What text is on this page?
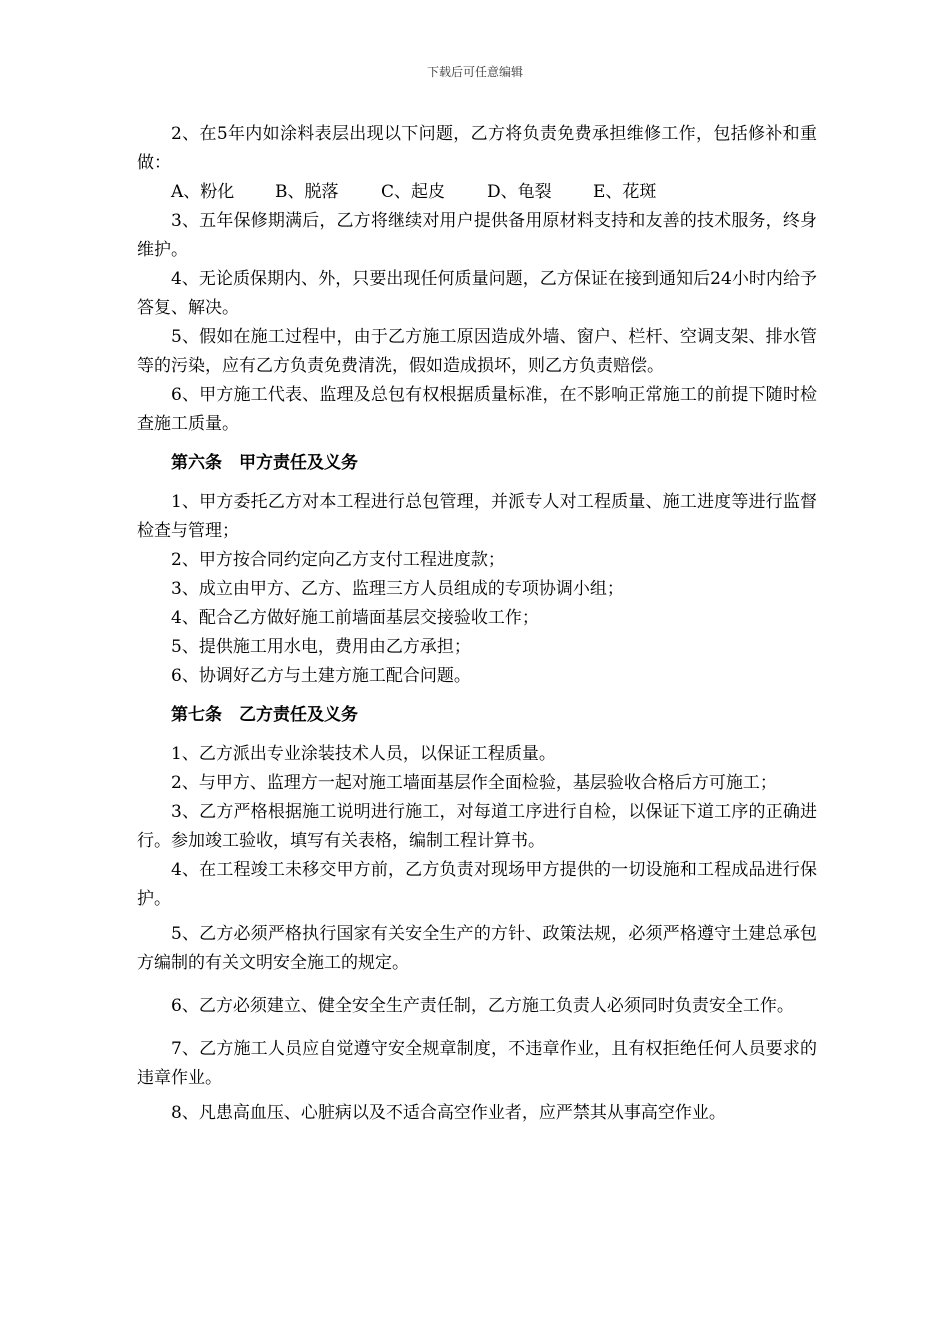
下载后可任意编辑

2、在5年内如涂料表层出现以下问题，乙方将负责免费承担维修工作，包括修补和重做：

A、粉化 B、脱落	C、起皮 D、龟裂 E、花斑

3、五年保修期满后，乙方将继续对用户提供备用原材料支持和友善的技术服务，终身维护。

4、无论质保期内、外，只要出现任何质量问题，乙方保证在接到通知后24小时内给予答复、解决。

5、假如在施工过程中，由于乙方施工原因造成外墙、窗户、栏杆、空调支架、排水管等的污染，应有乙方负责免费清洗，假如造成损坏，则乙方负责赔偿。

6、甲方施工代表、监理及总包有权根据质量标准，在不影响正常施工的前提下随时检查施工质量。

第六条　甲方责任及义务

1、甲方委托乙方对本工程进行总包管理，并派专人对工程质量、施工进度等进行监督检查与管理；

2、甲方按合同约定向乙方支付工程进度款；

3、成立由甲方、乙方、监理三方人员组成的专项协调小组；

4、配合乙方做好施工前墙面基层交接验收工作；

5、提供施工用水电，费用由乙方承担；

6、协调好乙方与土建方施工配合问题。

第七条　乙方责任及义务

1、乙方派出专业涂装技术人员，以保证工程质量。

2、与甲方、监理方一起对施工墙面基层作全面检验，基层验收合格后方可施工；

3、乙方严格根据施工说明进行施工，对每道工序进行自检，以保证下道工序的正确进行。参加竣工验收，填写有关表格，编制工程计算书。

4、在工程竣工未移交甲方前，乙方负责对现场甲方提供的一切设施和工程成品进行保护。

5、乙方必须严格执行国家有关安全生产的方针、政策法规，必须严格遵守土建总承包方编制的有关文明安全施工的规定。

6、乙方必须建立、健全安全生产责任制，乙方施工负责人必须同时负责安全工作。

7、乙方施工人员应自觉遵守安全规章制度，不违章作业，且有权拒绝任何人员要求的违章作业。

8、凡患高血压、心脏病以及不适合高空作业者，应严禁其从事高空作业。
